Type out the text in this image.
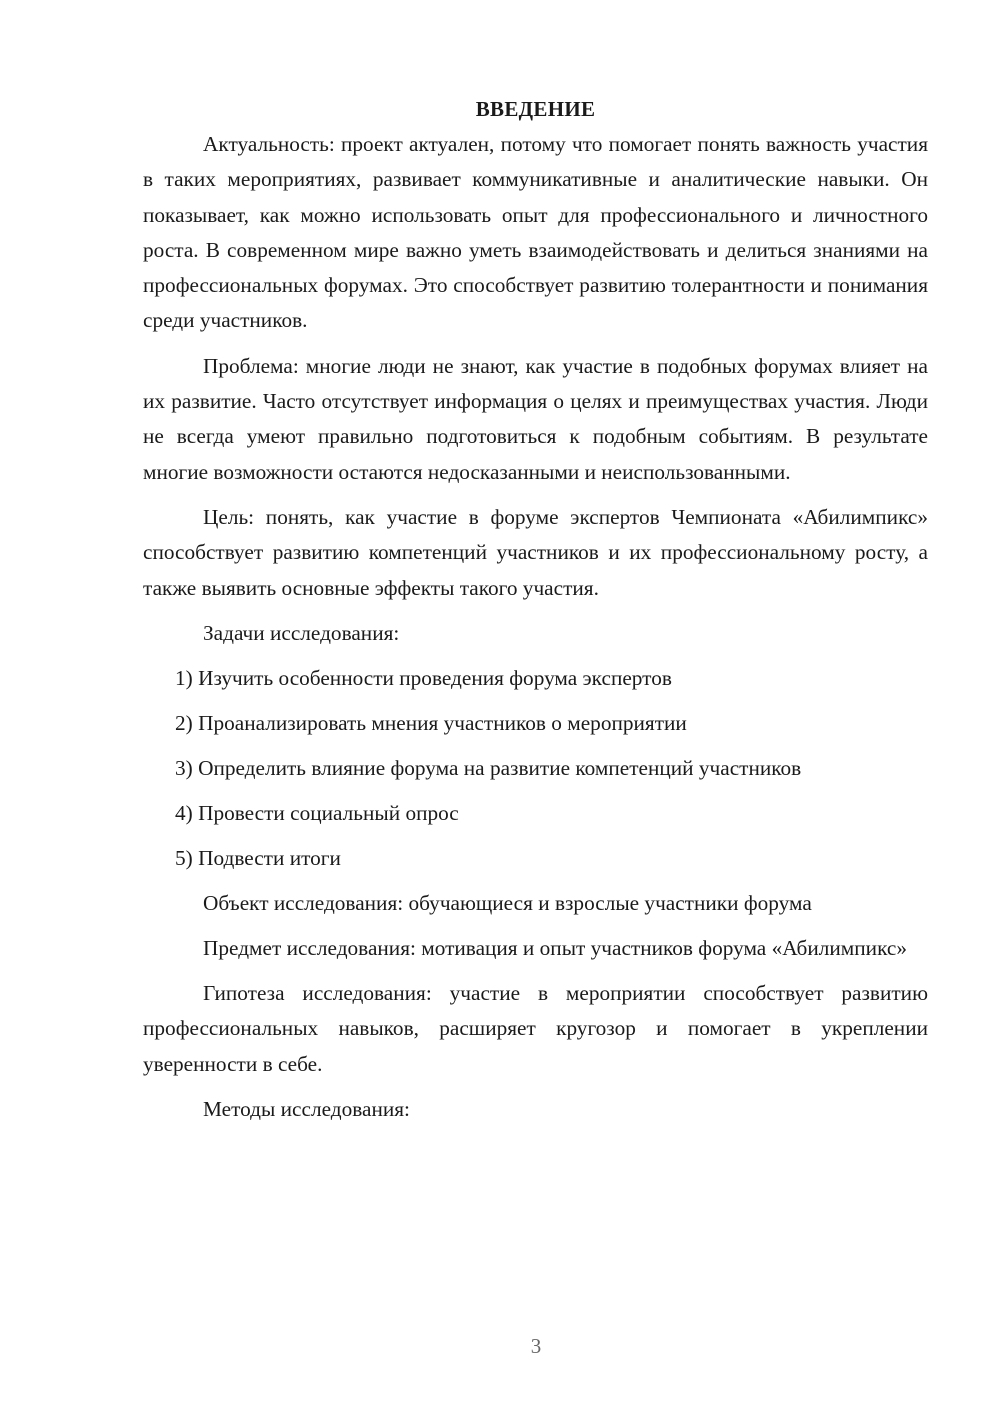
ВВЕДЕНИЕ

Актуальность: проект актуален, потому что помогает понять важность участия в таких мероприятиях, развивает коммуникативные и аналитические навыки. Он показывает, как можно использовать опыт для профессионального и личностного роста. В современном мире важно уметь взаимодействовать и делиться знаниями на профессиональных форумах. Это способствует развитию толерантности и понимания среди участников.

Проблема: многие люди не знают, как участие в подобных форумах влияет на их развитие. Часто отсутствует информация о целях и преимуществах участия. Люди не всегда умеют правильно подготовиться к подобным событиям. В результате многие возможности остаются недосказанными и неиспользованными.

Цель: понять, как участие в форуме экспертов Чемпионата «Абилимпикс» способствует развитию компетенций участников и их профессиональному росту, а также выявить основные эффекты такого участия.

Задачи исследования:
1) Изучить особенности проведения форума экспертов
2) Проанализировать мнения участников о мероприятии
3) Определить влияние форума на развитие компетенций участников
4) Провести социальный опрос
5) Подвести итоги
Объект исследования: обучающиеся и взрослые участники форума

Предмет исследования: мотивация и опыт участников форума «Абилимпикс»

Гипотеза исследования: участие в мероприятии способствует развитию профессиональных навыков, расширяет кругозор и помогает в укреплении уверенности в себе.

Методы исследования:
3
